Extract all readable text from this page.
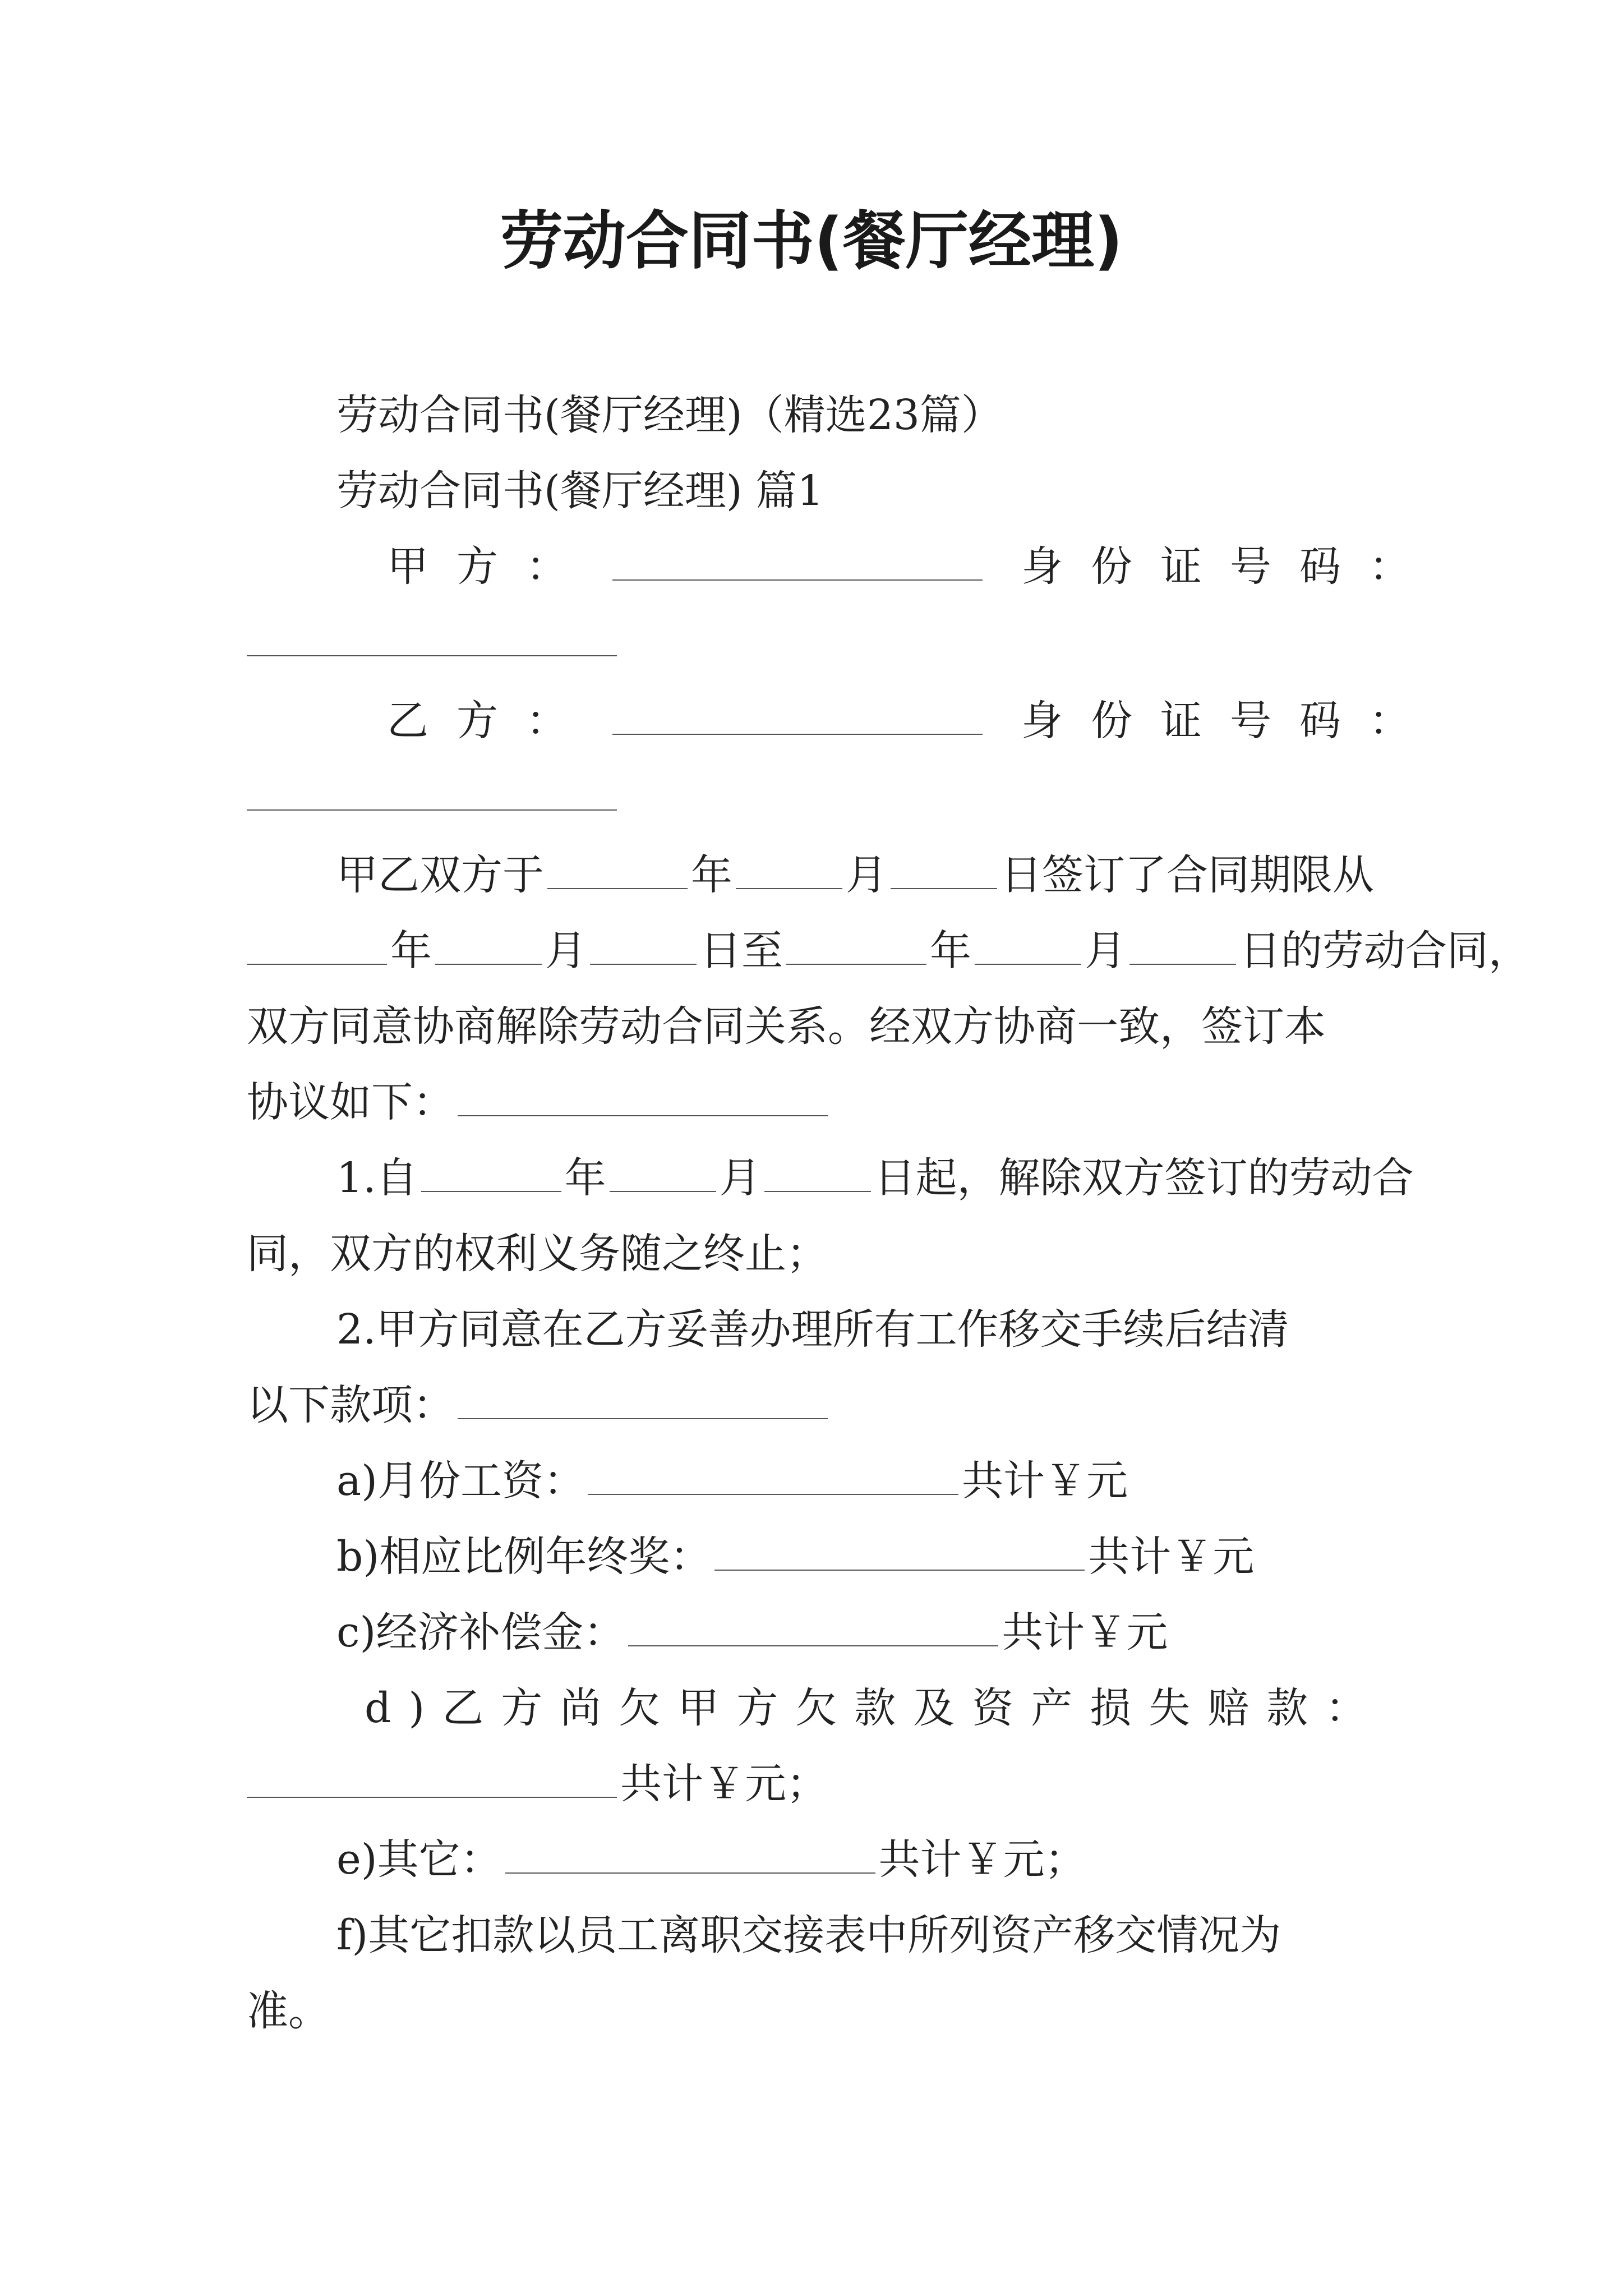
劳动合同书(餐厅经理)
劳动合同书(餐厅经理)（精选23篇）
劳动合同书(餐厅经理) 篇1
甲方：	身份证号码：
乙方：	身份证号码：
甲乙双方于	年	月	日签订了合同期限从
年	月	日至	年	月	日的劳动合同，
双方同意协商解除劳动合同关系。经双方协商一致，签订本
协议如下：
1.自	年	月	日起，解除双方签订的劳动合
同，双方的权利义务随之终止；
2.甲方同意在乙方妥善办理所有工作移交手续后结清
以下款项：
a)月份工资：	共计￥元
b)相应比例年终奖：	共计￥元
c)经济补偿金：	共计￥元
d)乙方尚欠甲方欠款及资产损失赔款：
共计￥元；
e)其它：	共计￥元；
f)其它扣款以员工离职交接表中所列资产移交情况为
准。
